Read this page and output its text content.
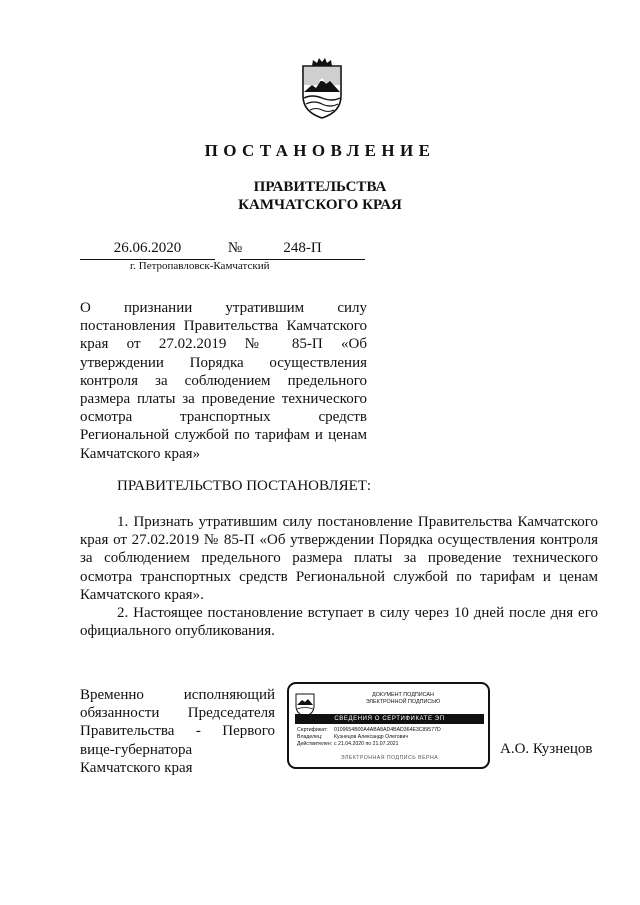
ПОСТАНОВЛЕНИЕ
ПРАВИТЕЛЬСТВА
КАМЧАТСКОГО КРАЯ
26.06.2020	№	248-П
г. Петропавловск-Камчатский
О признании утратившим силу постановления Правительства Камчатского края от 27.02.2019 № 85-П «Об утверждении Порядка осуществления контроля за соблюдением предельного размера платы за проведение технического осмотра транспортных средств Региональной службой по тарифам и ценам Камчатского края»
ПРАВИТЕЛЬСТВО ПОСТАНОВЛЯЕТ:

1. Признать утратившим силу постановление Правительства Камчатского края от 27.02.2019 № 85-П «Об утверждении Порядка осуществления контроля за соблюдением предельного размера платы за проведение технического осмотра транспортных средств Региональной службой по тарифам и ценам Камчатского края».

2. Настоящее постановление вступает в силу через 10 дней после дня его официального опубликования.

Временно исполняющий обязанности Председателя Правительства - Первого вице-губернатора Камчатского края
ДОКУМЕНТ ПОДПИСАН
ЭЛЕКТРОННОЙ ПОДПИСЬЮ
СВЕДЕНИЯ О СЕРТИФИКАТЕ ЭП
Сертификат:	0109654B00A4ABA8AD4BAD364E3C89577D
Владелец:	Кузнецов Александр Олегович
Действителен: с 21.04.2020 по 21.07.2021
ЭЛЕКТРОННАЯ ПОДПИСЬ ВЕРНА
А.О. Кузнецов
